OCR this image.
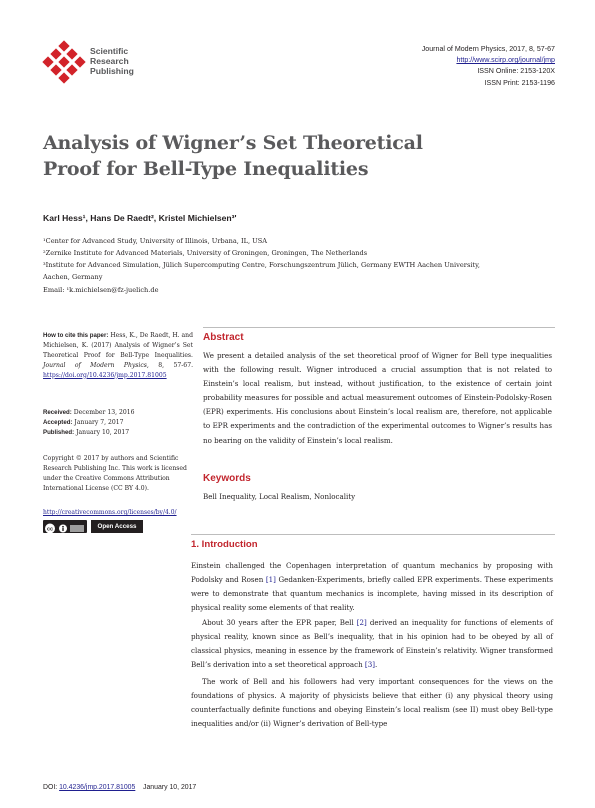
Scientific
Research
Publishing
Journal of Modern Physics, 2017, 8, 57-67
http://www.scirp.org/journal/jmp
ISSN Online: 2153-120X
ISSN Print: 2153-1196
Analysis of Wigner’s Set Theoretical
Proof for Bell-Type Inequalities
Karl Hess¹, Hans De Raedt², Kristel Michielsen³'
¹Center for Advanced Study, University of Illinois, Urbana, IL, USA
²Zernike Institute for Advanced Materials, University of Groningen, Groningen, The Netherlands
³Institute for Advanced Simulation, Jülich Supercomputing Centre, Forschungszentrum Jülich, Germany EWTH Aachen University,
Aachen, Germany
Email: ¹k.michielsen@fz-juelich.de
How to cite this paper: Hess, K., De Raedt, H. and Michielsen, K. (2017) Analysis of Wigner’s Set Theoretical Proof for Bell-Type Inequalities. Journal of Modern Physics, 8, 57-67. https://doi.org/10.4236/jmp.2017.81005
Received: December 13, 2016
Accepted: January 7, 2017
Published: January 10, 2017
Copyright © 2017 by authors and Scientific Research Publishing Inc. This work is licensed under the Creative Commons Attribution International License (CC BY 4.0).
http://creativecommons.org/licenses/by/4.0/
cc	Open Access
Abstract
We present a detailed analysis of the set theoretical proof of Wigner for Bell type inequalities with the following result. Wigner introduced a crucial assumption that is not related to Einstein’s local realism, but instead, without justification, to the existence of certain joint probability measures for possible and actual measurement outcomes of Einstein-Podolsky-Rosen (EPR) experiments. His conclusions about Einstein’s local realism are, therefore, not applicable to EPR experiments and the contradiction of the experimental outcomes to Wigner’s results has no bearing on the validity of Einstein’s local realism.
Keywords
Bell Inequality, Local Realism, Nonlocality
1. Introduction
Einstein challenged the Copenhagen interpretation of quantum mechanics by proposing with Podolsky and Rosen [1] Gedanken-Experiments, briefly called EPR experiments. These experiments were to demonstrate that quantum mechanics is incomplete, having missed in its description of physical reality some elements of that reality.
About 30 years after the EPR paper, Bell [2] derived an inequality for functions of elements of physical reality, known since as Bell’s inequality, that in his opinion had to be obeyed by all of classical physics, meaning in essence by the framework of Einstein’s relativity. Wigner transformed Bell’s derivation into a set theoretical approach [3].
The work of Bell and his followers had very important consequences for the views on the foundations of physics. A majority of physicists believe that either (i) any physical theory using counterfactually definite functions and obeying Einstein’s local realism (see II) must obey Bell-type inequalities and/or (ii) Wigner’s derivation of Bell-type
DOI: 10.4236/jmp.2017.81005 January 10, 2017
